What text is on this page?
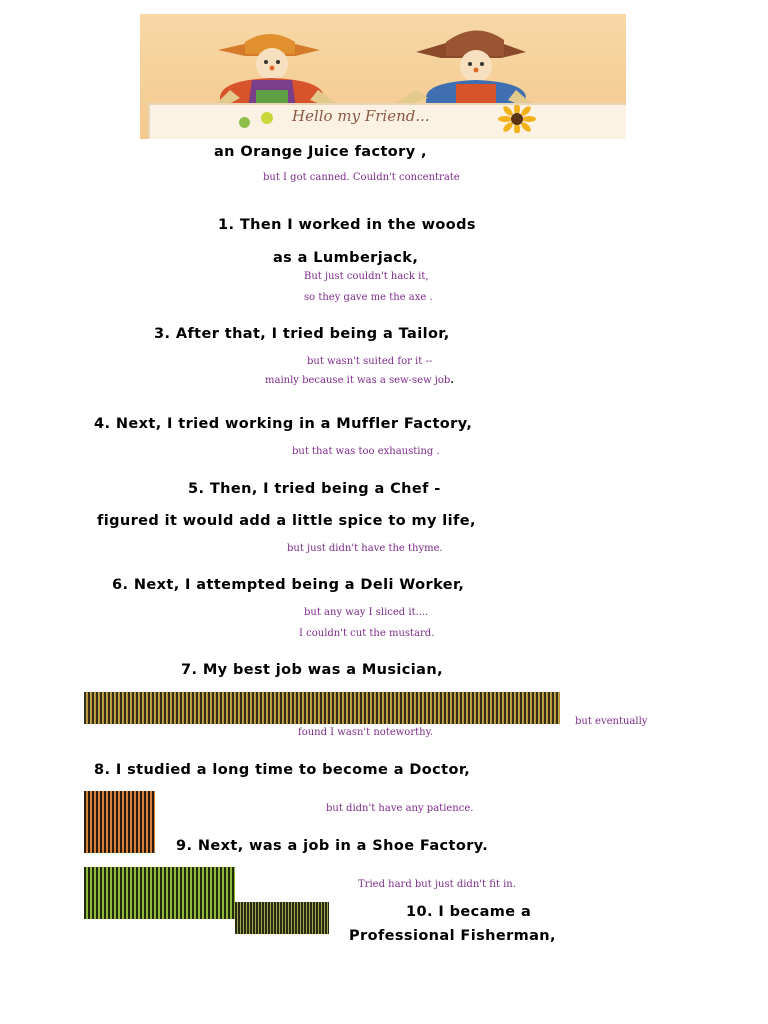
Hello my Friend...
an Orange Juice factory ,
but I got canned. Couldn't concentrate
1. Then I worked in the woods
as a Lumberjack,
But just couldn't hack it,
so they gave me the axe .
3. After that, I tried being a Tailor,
but wasn't suited for it --
mainly because it was a sew-sew job.
4. Next, I tried working in a Muffler Factory,
but that was too exhausting .
5. Then, I tried being a Chef -
figured it would add a little spice to my life,
but just didn't have the thyme.
6. Next, I attempted being a Deli Worker,
but any way I sliced it....
I couldn't cut the mustard.
7. My best job was a Musician,
but eventually
found I wasn't noteworthy.
8. I studied a long time to become a Doctor,
but didn't have any patience.
9. Next, was a job in a Shoe Factory.
Tried hard but just didn't fit in.
10. I became a
Professional Fisherman,
